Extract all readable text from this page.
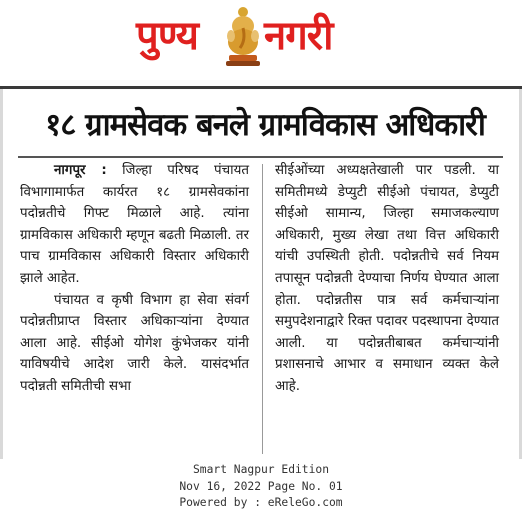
पुण्य नगरी
१८ ग्रामसेवक बनले ग्रामविकास अधिकारी

नागपूर : जिल्हा परिषद पंचायत विभागामार्फत कार्यरत १८ ग्रामसेवकांना पदोन्नतीचे गिफ्ट मिळाले आहे. त्यांना ग्रामविकास अधिकारी म्हणून बढती मिळाली. तर पाच ग्रामविकास अधिकारी विस्तार अधिकारी झाले आहेत.

पंचायत व कृषी विभाग हा सेवा संवर्ग पदोन्नतीप्राप्त विस्तार अधिकाऱ्यांना देण्यात आला आहे. सीईओ योगेश कुंभेजकर यांनी याविषयीचे आदेश जारी केले. यासंदर्भात पदोन्नती समितीची सभा

सीईओंच्या अध्यक्षतेखाली पार पडली. या समितीमध्ये डेप्युटी सीईओ पंचायत, डेप्युटी सीईओ सामान्य, जिल्हा समाजकल्याण अधिकारी, मुख्य लेखा तथा वित्त अधिकारी यांची उपस्थिती होती. पदोन्नतीचे सर्व नियम तपासून पदोन्नती देण्याचा निर्णय घेण्यात आला होता. पदोन्नतीस पात्र सर्व कर्मचाऱ्यांना समुपदेशनाद्वारे रिक्त पदावर पदस्थापना देण्यात आली. या पदोन्नतीबाबत कर्मचाऱ्यांनी प्रशासनाचे आभार व समाधान व्यक्त केले आहे.

Smart Nagpur Edition
Nov 16, 2022 Page No. 01
Powered by : eReleGo.com
